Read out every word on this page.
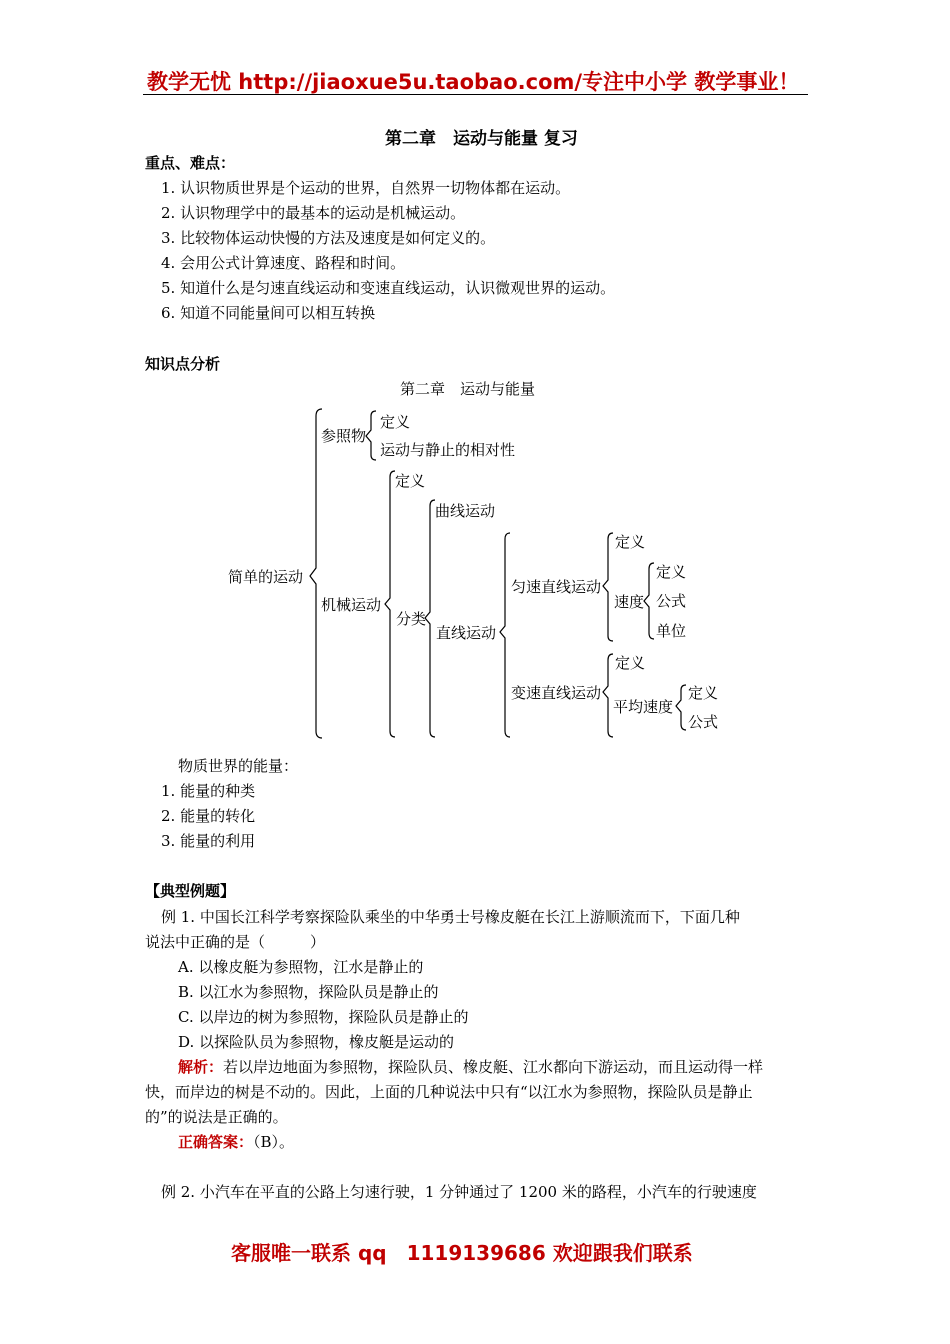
教学无忧 http://jiaoxue5u.taobao.com/专注中小学 教学事业！
第二章　运动与能量 复习
重点、难点：
1. 认识物质世界是个运动的世界，自然界一切物体都在运动。
2. 认识物理学中的最基本的运动是机械运动。
3. 比较物体运动快慢的方法及速度是如何定义的。
4. 会用公式计算速度、路程和时间。
5. 知道什么是匀速直线运动和变速直线运动，认识微观世界的运动。
6. 知道不同能量间可以相互转换
知识点分析
第二章　运动与能量
简单的运动
参照物
定义
运动与静止的相对性
机械运动
定义
分类
曲线运动
直线运动
匀速直线运动
定义
速度
定义
公式
单位
变速直线运动
定义
平均速度
定义
公式
物质世界的能量：
1. 能量的种类
2. 能量的转化
3. 能量的利用
【典型例题】
例 1. 中国长江科学考察探险队乘坐的中华勇士号橡皮艇在长江上游顺流而下，下面几种
说法中正确的是（　　　）
A. 以橡皮艇为参照物，江水是静止的
B. 以江水为参照物，探险队员是静止的
C. 以岸边的树为参照物，探险队员是静止的
D. 以探险队员为参照物，橡皮艇是运动的
解析：若以岸边地面为参照物，探险队员、橡皮艇、江水都向下游运动，而且运动得一样
快，而岸边的树是不动的。因此，上面的几种说法中只有“以江水为参照物，探险队员是静止
的”的说法是正确的。
正确答案：（B）。
例 2. 小汽车在平直的公路上匀速行驶，1 分钟通过了 1200 米的路程，小汽车的行驶速度
客服唯一联系 qq　1119139686 欢迎跟我们联系
